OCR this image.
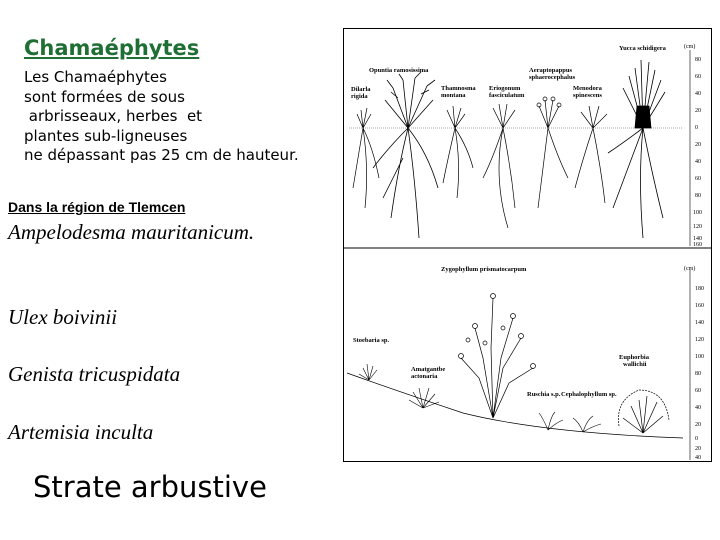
Chamaéphytes
Les Chamaéphytes
sont formées de sous
arbrisseaux, herbes  et
plantes sub-ligneuses
ne dépassant pas 25 cm de hauteur.
Dans la région de Tlemcen
Ampelodesma mauritanicum.
Ulex boivinii
Genista tricuspidata
Artemisia inculta
Strate arbustive
(cm)
80
60
40
20
0
20
40
60
80
100
120
140
160
Yucca schidigera
Opuntia ramosissima	Aeraptopappus
sphaerocephalus
Dilarla
rigida
Thamnosma
montana
Eriogonum
fasciculatum
Menodora
spinescens
(cm)
180
160
140
120
100
80
60
40
20
0
20
40
Zygophyllum prismatocarpum
Stoebaria sp.
Euphorbia
wallichii
Amatgantbe
actonaria
Ruschia s.p. Cephalophyllum sp.
